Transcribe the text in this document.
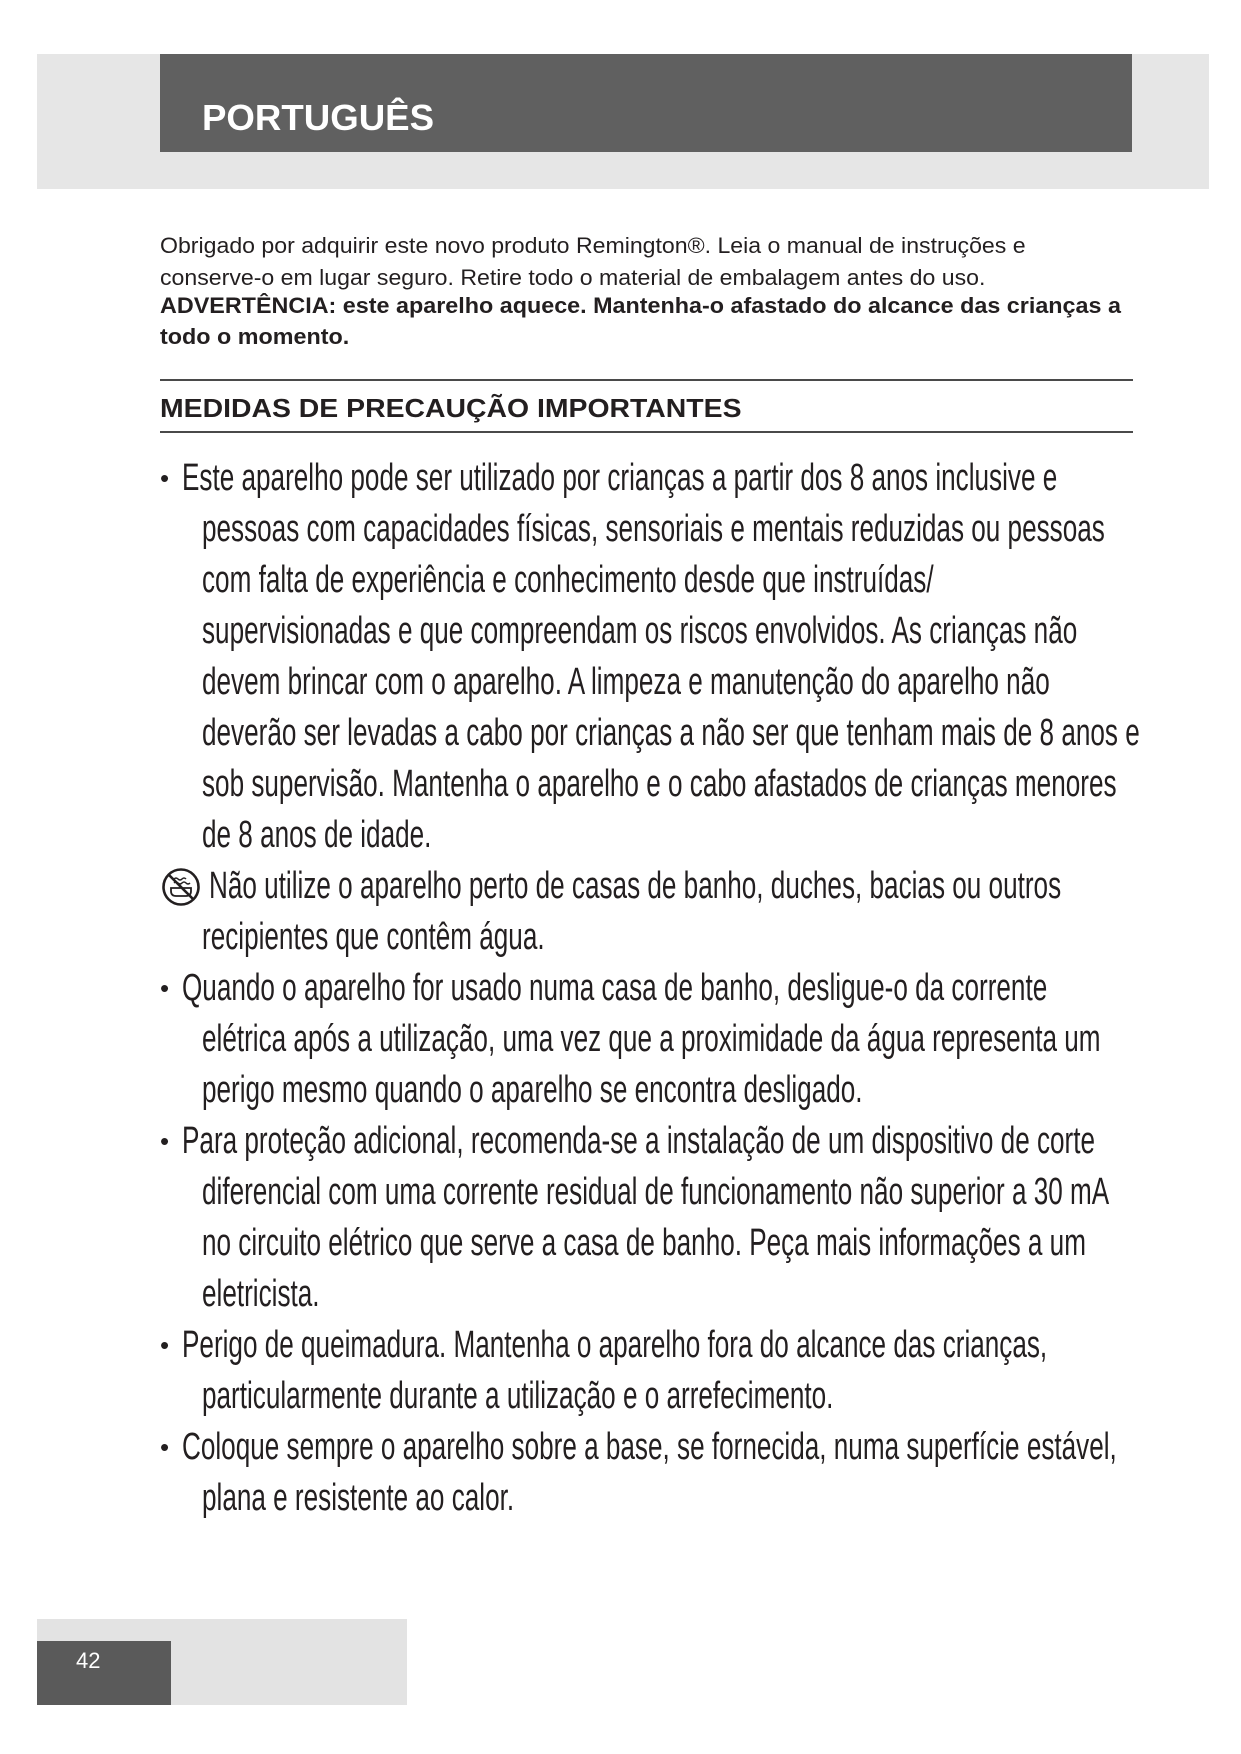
PORTUGUÊS
Obrigado por adquirir este novo produto Remington®. Leia o manual de instruções e
conserve-o em lugar seguro. Retire todo o material de embalagem antes do uso.
ADVERTÊNCIA: este aparelho aquece. Mantenha-o afastado do alcance das crianças a
todo o momento.
MEDIDAS DE PRECAUÇÃO IMPORTANTES
• Este aparelho pode ser utilizado por crianças a partir dos 8 anos inclusive e
pessoas com capacidades físicas, sensoriais e mentais reduzidas ou pessoas
com falta de experiência e conhecimento desde que instruídas/
supervisionadas e que compreendam os riscos envolvidos. As crianças não
devem brincar com o aparelho. A limpeza e manutenção do aparelho não
deverão ser levadas a cabo por crianças a não ser que tenham mais de 8 anos e
sob supervisão. Mantenha o aparelho e o cabo afastados de crianças menores
de 8 anos de idade.
Não utilize o aparelho perto de casas de banho, duches, bacias ou outros
recipientes que contêm água.
• Quando o aparelho for usado numa casa de banho, desligue-o da corrente
elétrica após a utilização, uma vez que a proximidade da água representa um
perigo mesmo quando o aparelho se encontra desligado.
• Para proteção adicional, recomenda-se a instalação de um dispositivo de corte
diferencial com uma corrente residual de funcionamento não superior a 30 mA
no circuito elétrico que serve a casa de banho. Peça mais informações a um
eletricista.
• Perigo de queimadura. Mantenha o aparelho fora do alcance das crianças,
particularmente durante a utilização e o arrefecimento.
• Coloque sempre o aparelho sobre a base, se fornecida, numa superfície estável,
plana e resistente ao calor.
42
